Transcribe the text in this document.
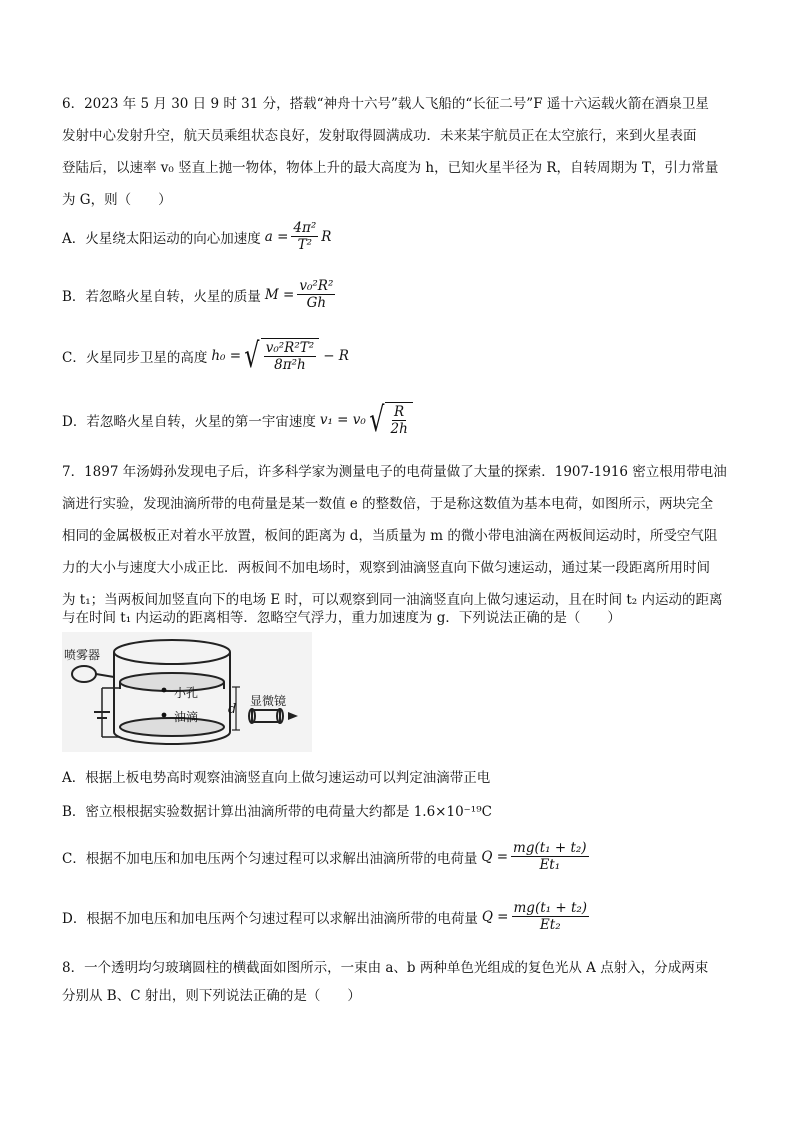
6．2023 年 5 月 30 日 9 时 31 分，搭载“神舟十六号”载人飞船的“长征二号”F 遥十六运载火箭在酒泉卫星
发射中心发射升空，航天员乘组状态良好，发射取得圆满成功．未来某宇航员正在太空旅行，来到火星表面
登陆后，以速率 v₀ 竖直上抛一物体，物体上升的最大高度为 h，已知火星半径为 R，自转周期为 T，引力常量
为 G，则（　　）
A．火星绕太阳运动的向心加速度 $a = \frac{\text{4π²}}{\text{T²}}$ R
B．若忽略火星自转，火星的质量 $M = \frac{\text{v₀²R²}}{Gh}$
C．火星同步卫星的高度 h₀ = √ $\frac{\text{v₀²R²T²}}{\text{8π²h}} - R$
D．若忽略火星自转，火星的第一宇宙速度 v₁ = v₀ √ $\frac{R}{2h}$
7．1897 年汤姆孙发现电子后，许多科学家为测量电子的电荷量做了大量的探索．1907-1916 密立根用带电油
滴进行实验，发现油滴所带的电荷量是某一数值 e 的整数倍，于是称这数值为基本电荷，如图所示，两块完全
相同的金属极板正对着水平放置，板间的距离为 d，当质量为 m 的微小带电油滴在两板间运动时，所受空气阻
力的大小与速度大小成正比．两板间不加电场时，观察到油滴竖直向下做匀速运动，通过某一段距离所用时间
为 t₁；当两板间加竖直向下的电场 E 时，可以观察到同一油滴竖直向上做匀速运动，且在时间 t₂ 内运动的距离
与在时间 t₁ 内运动的距离相等．忽略空气浮力，重力加速度为 g．下列说法正确的是（　　）
喷雾器
小孔
油滴
显微镜
d
A．根据上板电势高时观察油滴竖直向上做匀速运动可以判定油滴带正电
B．密立根根据实验数据计算出油滴所带的电荷量大约都是 1.6×10⁻¹⁹C
C．根据不加电压和加电压两个匀速过程可以求解出油滴所带的电荷量 $Q = \frac{\text{mg(t₁ + t₂)}}{\text{Et₁}}$
D．根据不加电压和加电压两个匀速过程可以求解出油滴所带的电荷量 $Q = \frac{\text{mg(t₁ + t₂)}}{\text{Et₂}}$
8．一个透明均匀玻璃圆柱的横截面如图所示，一束由 a、b 两种单色光组成的复色光从 A 点射入，分成两束
分别从 B、C 射出，则下列说法正确的是（　　）
